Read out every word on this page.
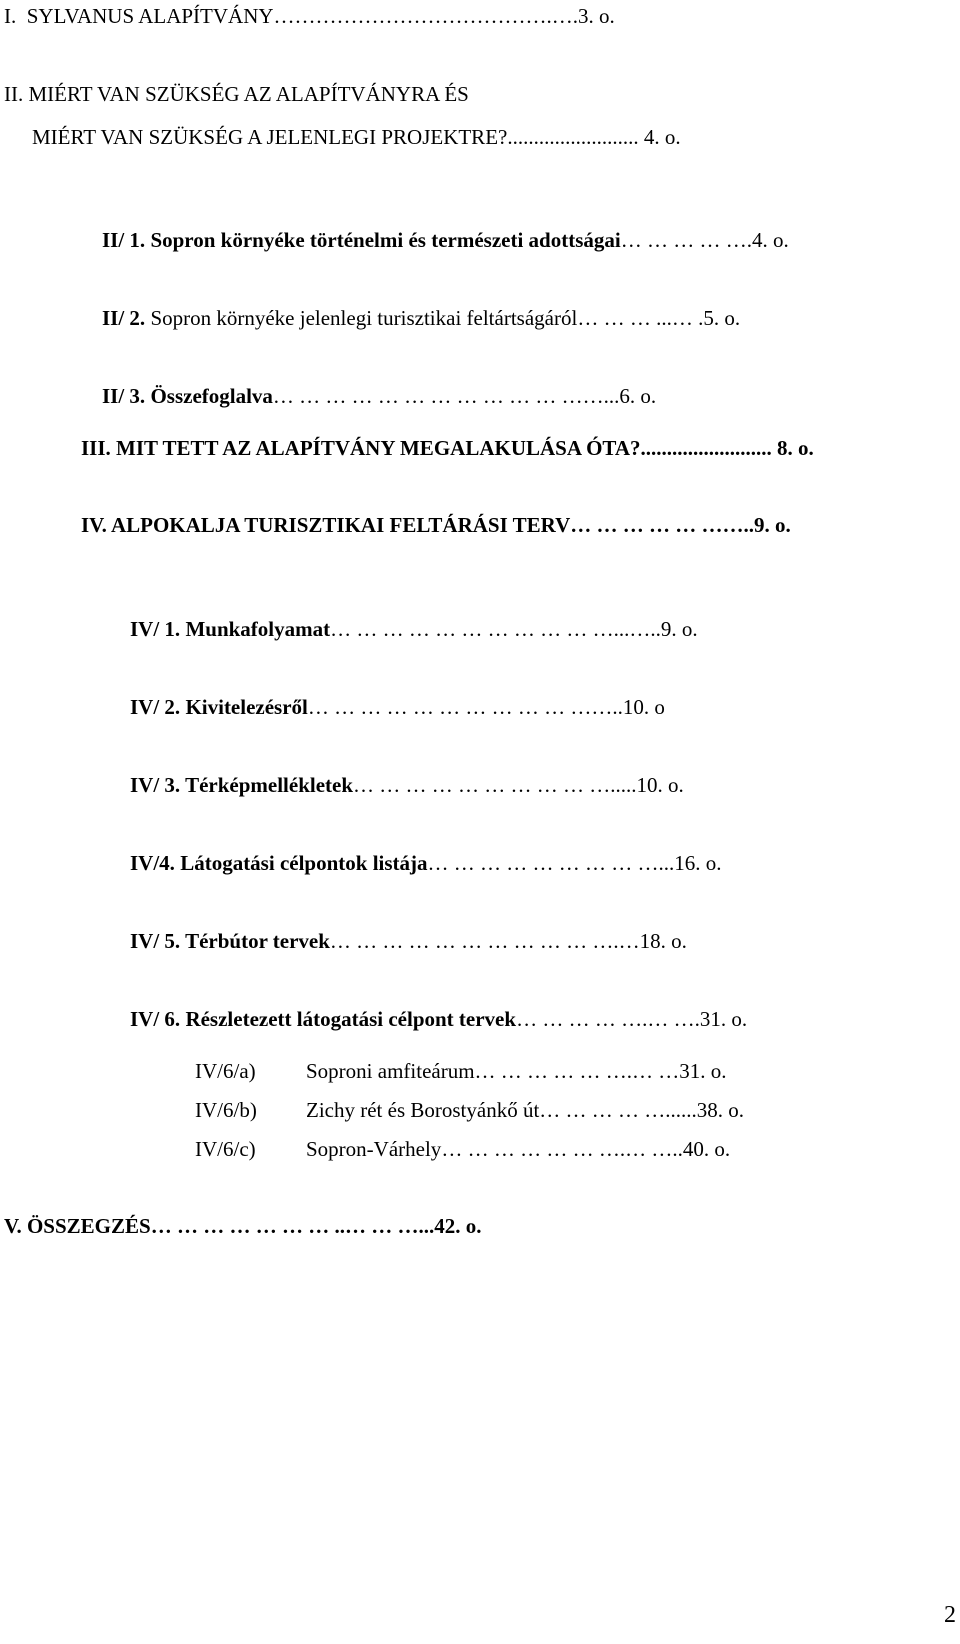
I.  SYLVANUS ALAPÍTVÁNY………………………………….….3. o.
II. MIÉRT VAN SZÜKSÉG AZ ALAPÍTVÁNYRA ÉS
MIÉRT VAN SZÜKSÉG A JELENLEGI PROJEKTRE?......................... 4. o.

II/ 1. Sopron környéke történelmi és természeti adottságai… … … … ….4. o.

II/ 2. Sopron környéke jelenlegi turisztikai feltártságáról… … … ...… .5. o.

II/ 3. Összefoglalva… … … … … … … … … … … ……...6. o.

III. MIT TETT AZ ALAPÍTVÁNY MEGALAKULÁSA ÓTA?......................... 8. o.
IV. ALPOKALJA TURISZTIKAI FELTÁRÁSI TERV… … … … … ……..9. o.

IV/ 1. Munkafolyamat… … … … … … … … … … …...…..9. o.

IV/ 2. Kivitelezésről… … … … … … … … … … ……..10. o

IV/ 3. Térképmellékletek… … … … … … … … … ….....10. o.

IV/4. Látogatási célpontok listája… … … … … … … … …...16. o.

IV/ 5. Térbútor tervek… … … … … … … … … … ….…18. o.

IV/ 6. Részletezett látogatási célpont tervek… … … … ….… ….31. o.

IV/6/a) Soproni amfiteárum… … … … … ….… …31. o.
IV/6/b) Zichy rét és Borostyánkő út… … … … …......38. o.
IV/6/c) Sopron-Várhely… … … … … … ….… …..40. o.
V. ÖSSZEGZÉS… … … … … … … ..… … …...42. o.
2
